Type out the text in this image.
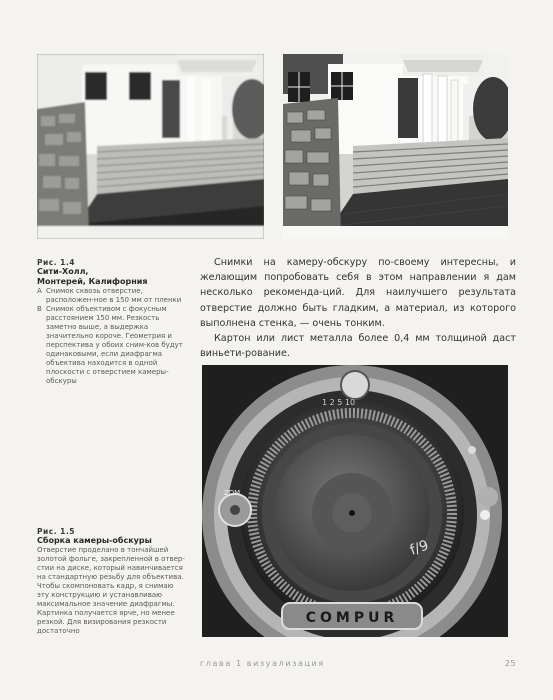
Рис. 1.4
Сити-Холл,
Монтерей, Калифорния
А Снимок сквозь отверстие, расположен-ное в 150 мм от пленки
В Снимок объективом с фокусным расстоянием 150 мм. Резкость заметно выше, а выдержка значительно короче. Геометрия и перспектива у обоих сним-ков будут одинаковыми, если диафрагма объектива находится в одной плоскости с отверстием камеры-обскуры

Снимки на камеру-обскуру по-своему интересны, и желающим попробовать себя в этом направлении я дам несколько рекоменда-ций. Для наилучшего результата отверстие должно быть гладким, а материал, из которого выполнена стенка, — очень тонким.

Картон или лист металла более 0,4 мм толщиной даст виньети-рование.

COMPUR
f/9
1 2 5 10
ZDM
Рис. 1.5
Сборка камеры-обскуры
Отверстие проделано в тончайшей золотой фольге, закрепленной в отвер-стии на диске, который навинчивается на стандартную резьбу для объектива. Чтобы скомпоновать кадр, я снимаю эту конструкцию и устанавливаю максимальное значение диафрагмы. Картинка получается ярче, но менее резкой. Для визирования резкости достаточно
глава 1 визуализация	25
